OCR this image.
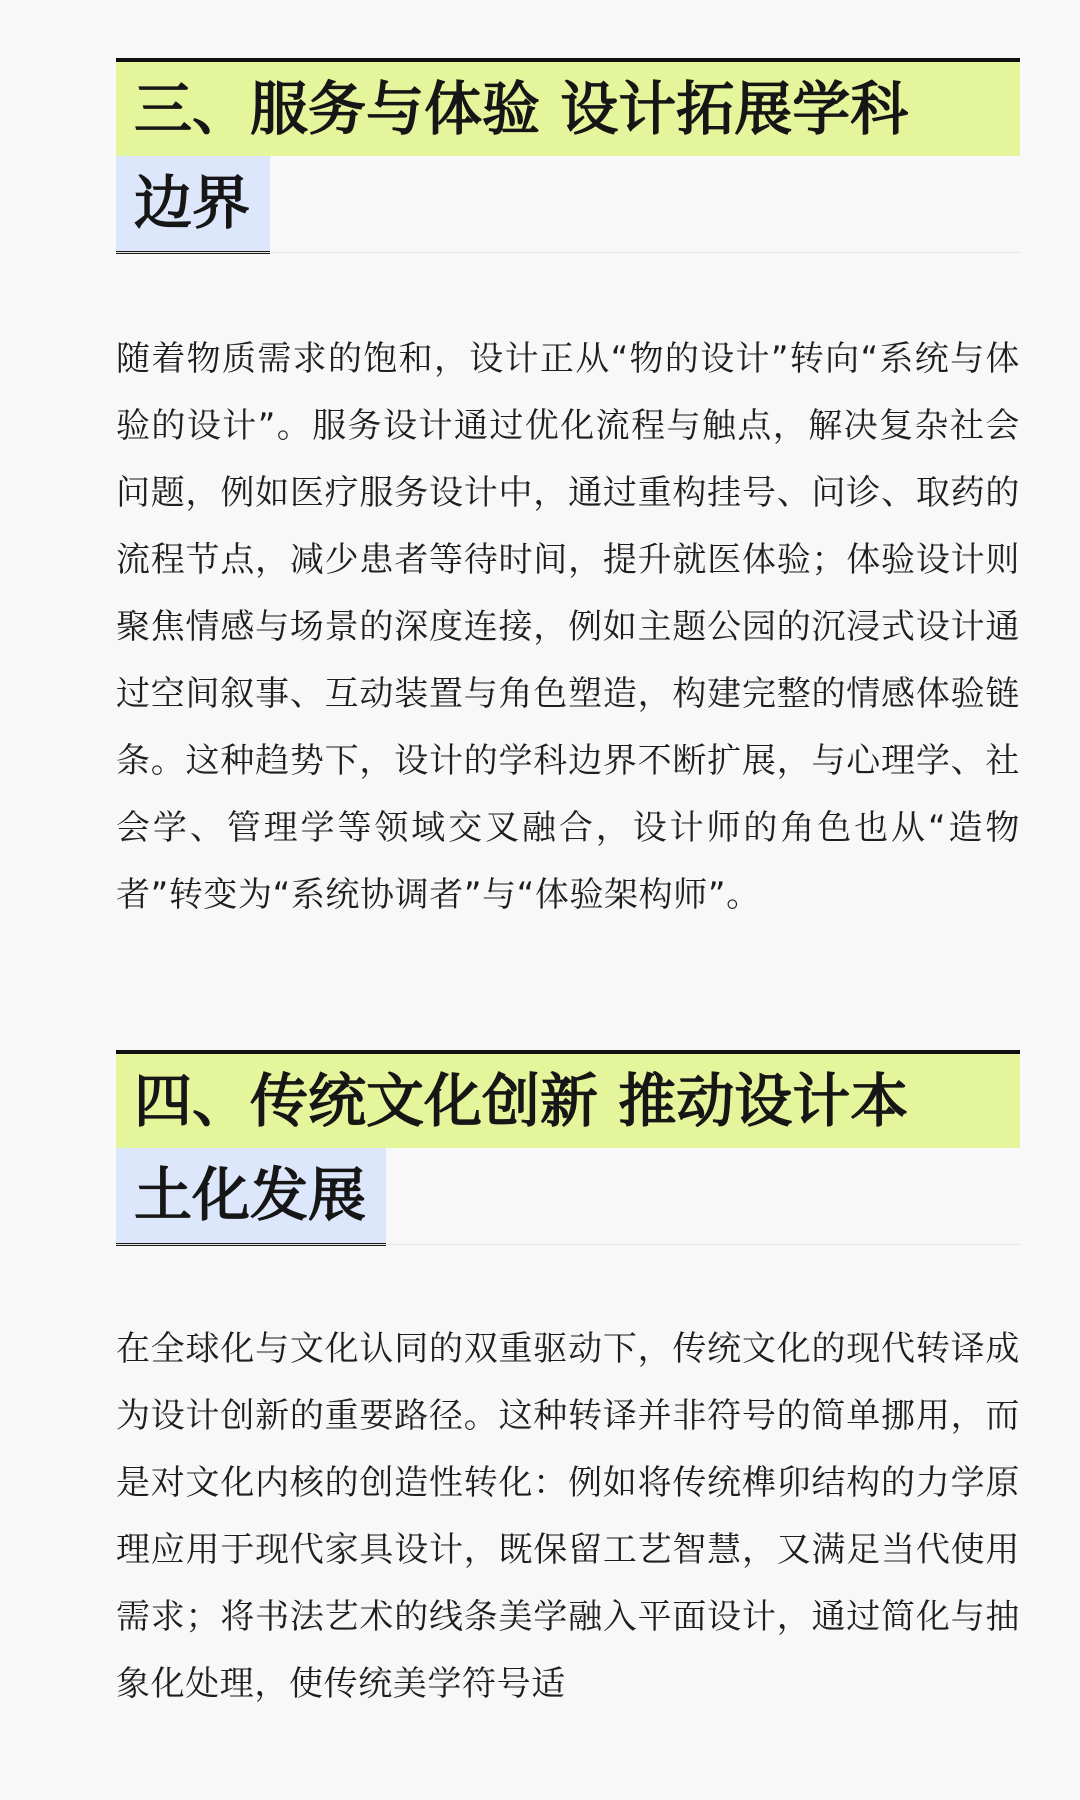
三、服务与体验 设计拓展学科
边界

随着物质需求的饱和，设计正从“物的设计”转向“系统与体验的设计”。服务设计通过优化流程与触点，解决复杂社会问题，例如医疗服务设计中，通过重构挂号、问诊、取药的流程节点，减少患者等待时间，提升就医体验；体验设计则聚焦情感与场景的深度连接，例如主题公园的沉浸式设计通过空间叙事、互动装置与角色塑造，构建完整的情感体验链条。这种趋势下，设计的学科边界不断扩展，与心理学、社会学、管理学等领域交叉融合，设计师的角色也从“造物者”转变为“系统协调者”与“体验架构师”。

四、传统文化创新 推动设计本
土化发展

在全球化与文化认同的双重驱动下，传统文化的现代转译成为设计创新的重要路径。这种转译并非符号的简单挪用，而是对文化内核的创造性转化：例如将传统榫卯结构的力学原理应用于现代家具设计，既保留工艺智慧，又满足当代使用需求；将书法艺术的线条美学融入平面设计，通过简化与抽象化处理，使传统美学符号适
